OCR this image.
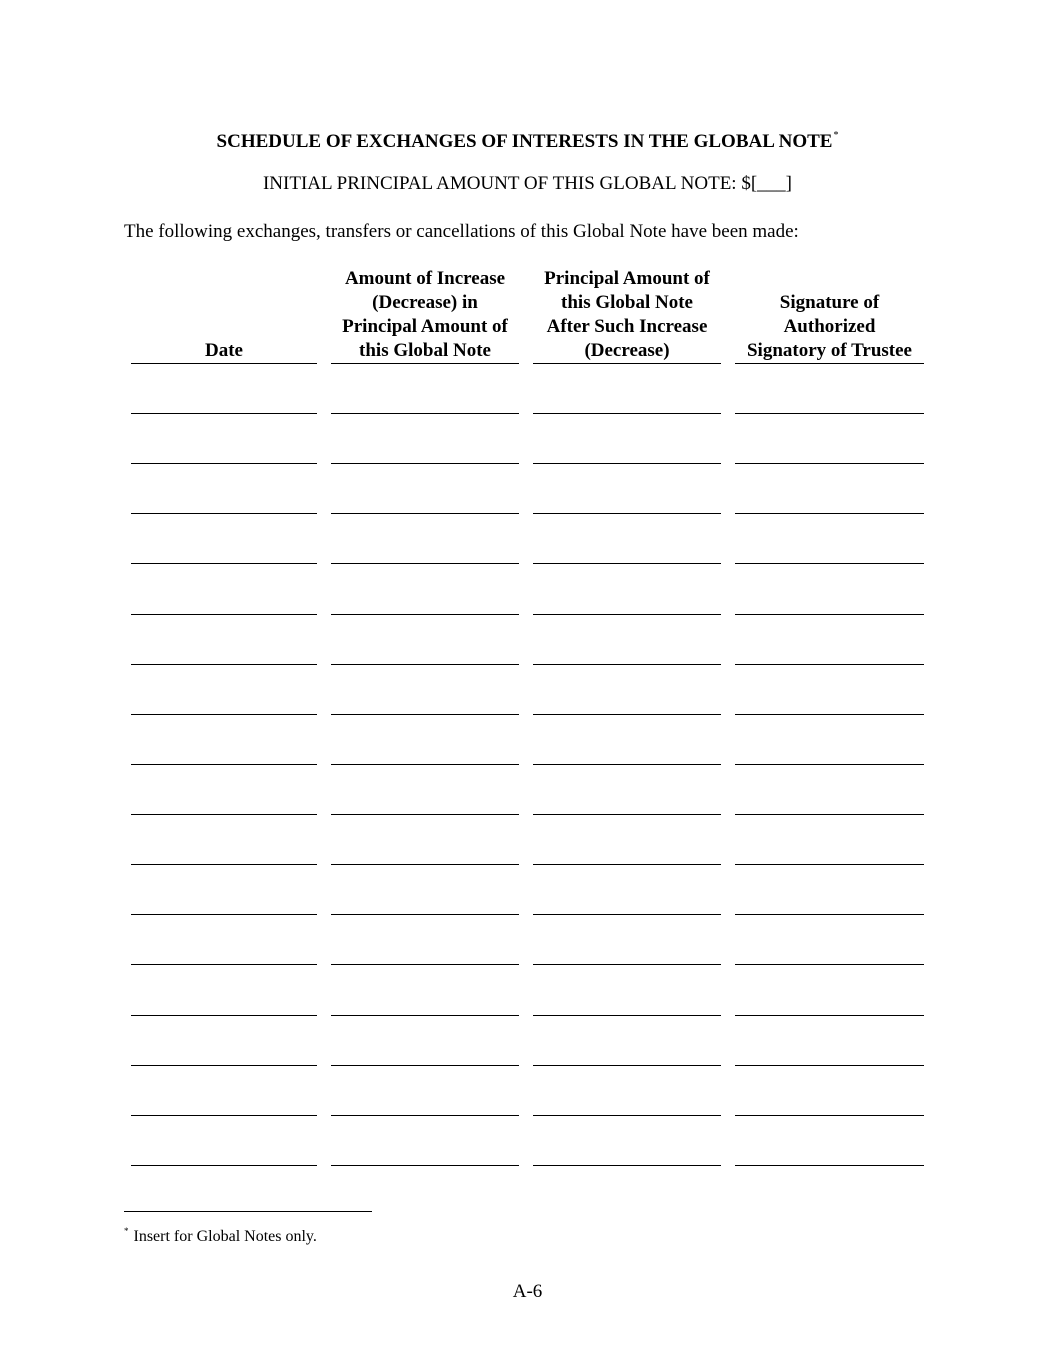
SCHEDULE OF EXCHANGES OF INTERESTS IN THE GLOBAL NOTE*
INITIAL PRINCIPAL AMOUNT OF THIS GLOBAL NOTE: $[___]
The following exchanges, transfers or cancellations of this Global Note have been made:
Date
Amount of Increase
(Decrease) in
Principal Amount of
this Global Note
Principal Amount of
this Global Note
After Such Increase
(Decrease)
Signature of
Authorized
Signatory of Trustee
* Insert for Global Notes only.
A-6
